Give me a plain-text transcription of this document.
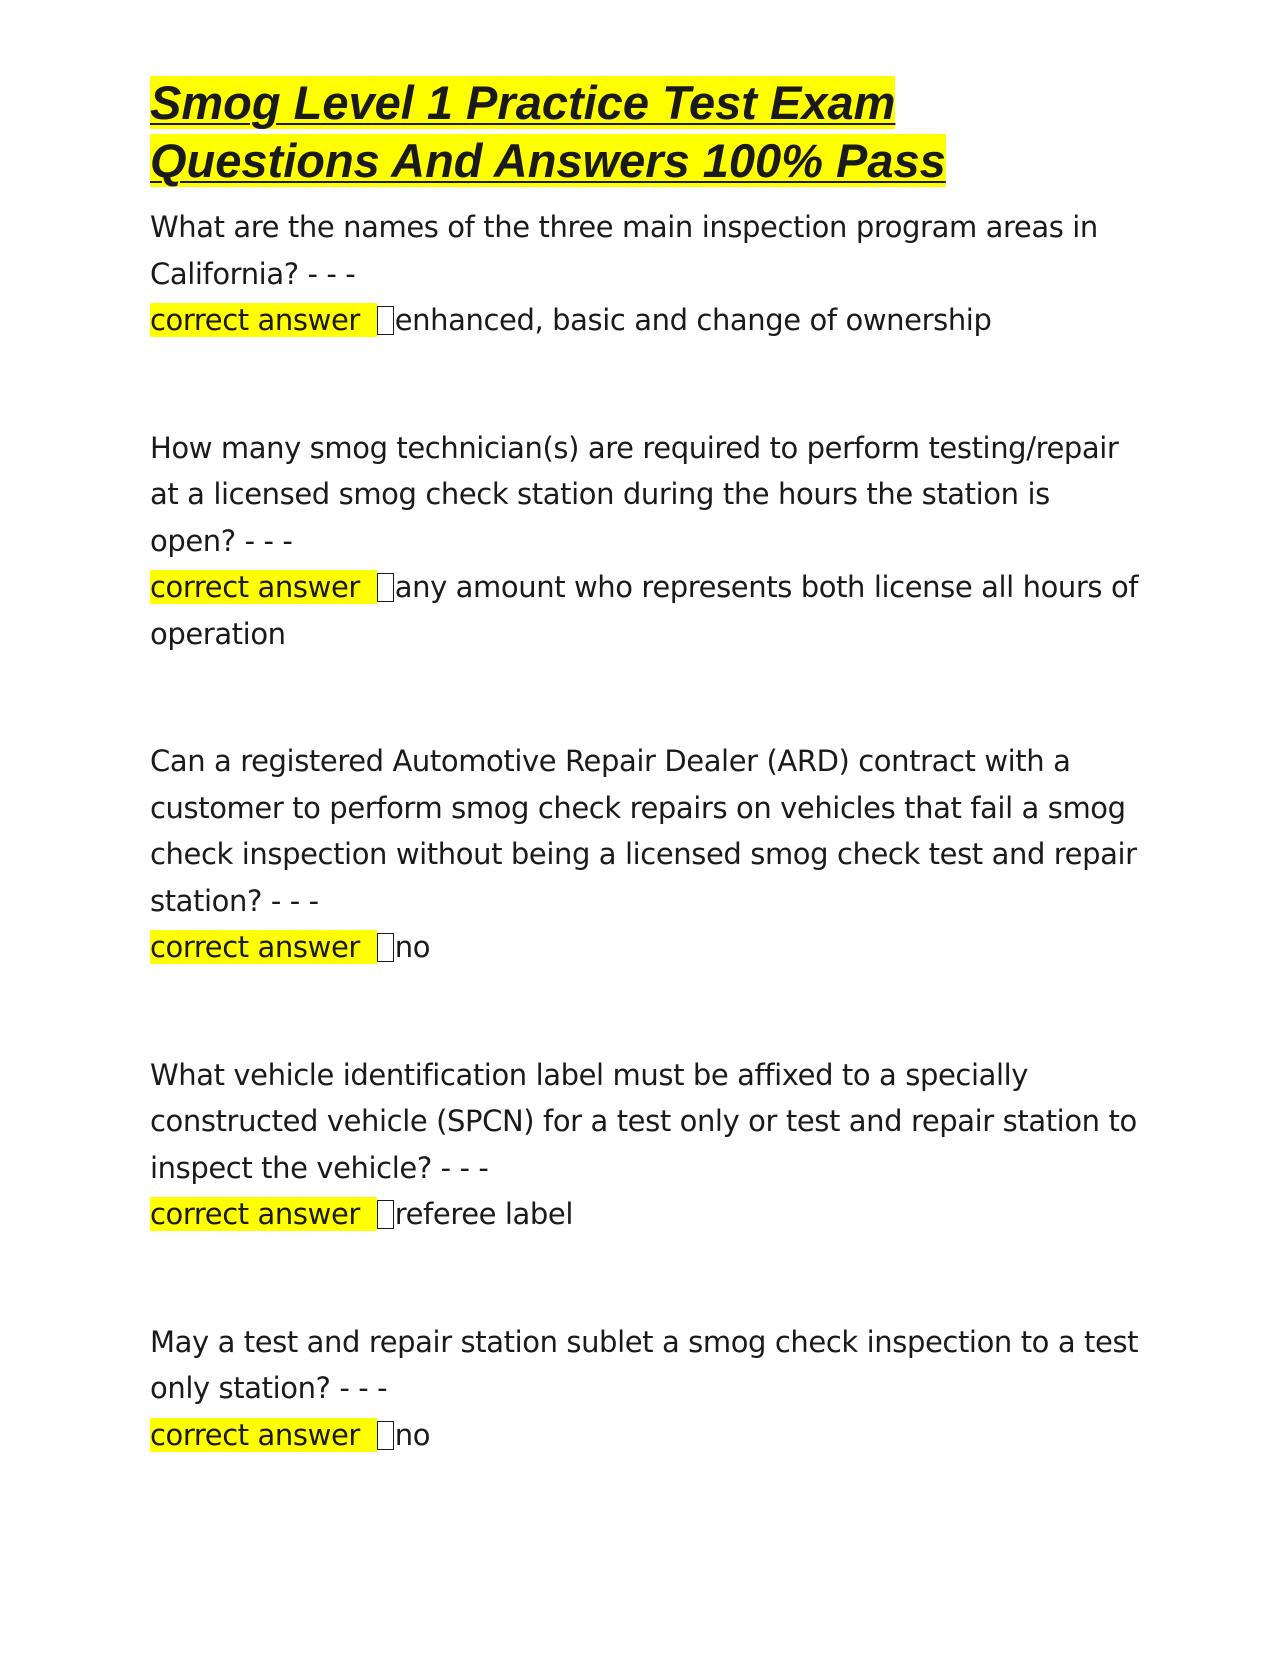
Smog Level 1 Practice Test Exam
Questions And Answers 100% Pass

What are the names of the three main inspection program areas in California? - - -

correct answer enhanced, basic and change of ownership

How many smog technician(s) are required to perform testing/repair at a licensed smog check station during the hours the station is open? - - -

correct answer any amount who represents both license all hours of operation

Can a registered Automotive Repair Dealer (ARD) contract with a customer to perform smog check repairs on vehicles that fail a smog check inspection without being a licensed smog check test and repair station? - - -

correct answer no

What vehicle identification label must be affixed to a specially constructed vehicle (SPCN) for a test only or test and repair station to inspect the vehicle? - - -

correct answer referee label

May a test and repair station sublet a smog check inspection to a test only station? - - -

correct answer no
